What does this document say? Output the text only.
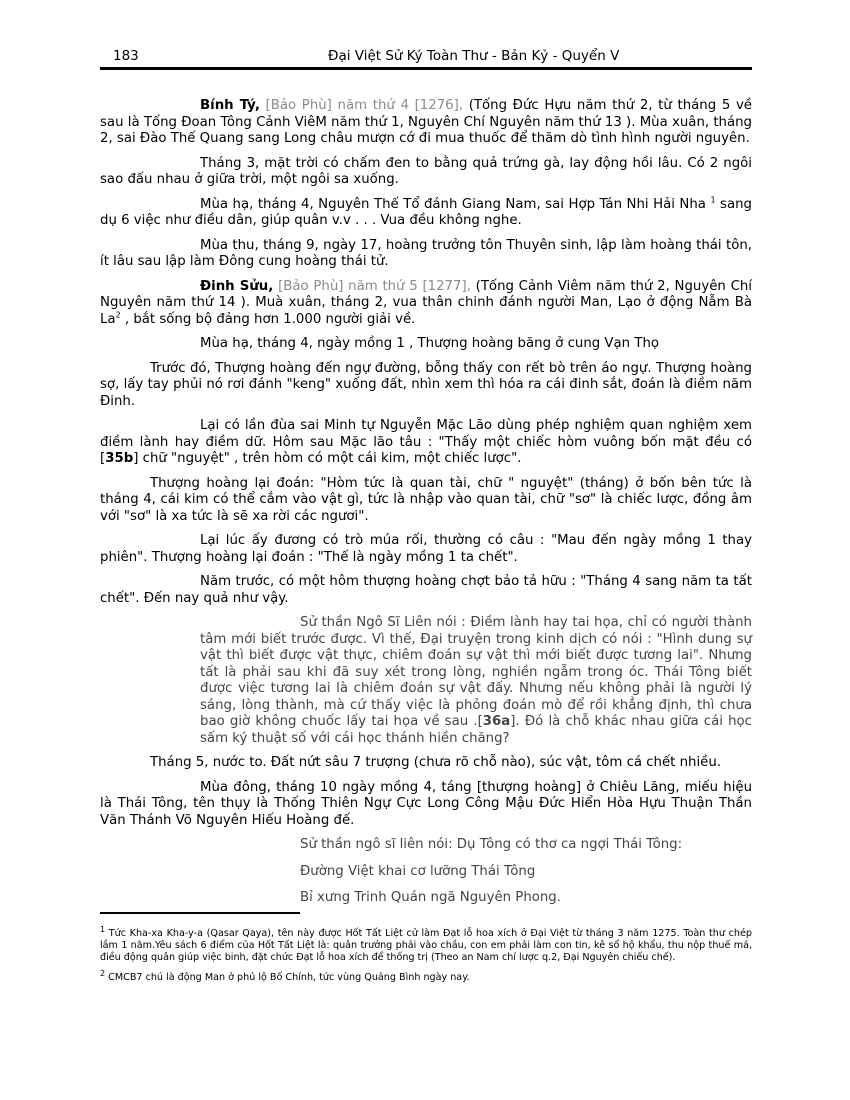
183	Đại Việt Sử Ký Toàn Thư - Bản Kỷ - Quyển V

Bính Tý, [Bảo Phù] năm thứ 4 [1276], (Tống Đức Hựu năm thứ 2, từ tháng 5 về sau là Tống Đoan Tông Cảnh ViêM năm thứ 1, Nguyên Chí Nguyên năm thứ 13 ). Mùa xuân, tháng 2, sai Đào Thế Quang sang Long châu mượn cớ đi mua thuốc để thăm dò tình hình người nguyên.

Tháng 3, mặt trời có chấm đen to bằng quả trứng gà, lay động hồi lâu. Có 2 ngôi sao đấu nhau ở giữa trời, một ngôi sa xuống.

Mùa hạ, tháng 4, Nguyên Thế Tổ đánh Giang Nam, sai Hợp Tán Nhi Hải Nha $^1$ sang dụ 6 việc như điều dân, giúp quân v.v . . . Vua đều không nghe.

Mùa thu, tháng 9, ngày 17, hoàng trưởng tôn Thuyên sinh, lập làm hoàng thái tôn, ít lâu sau lập làm Đông cung hoàng thái tử.

Đinh Sửu, [Bảo Phù] năm thứ 5 [1277], (Tống Cảnh Viêm năm thứ 2, Nguyên Chí Nguyên năm thứ 14 ). Muà xuân, tháng 2, vua thân chinh đánh người Man, Lạo ở động Nẫm Bà La$^2$ , bắt sống bộ đảng hơn 1.000 người giải về.

Mùa hạ, tháng 4, ngày mồng 1 , Thượng hoàng băng ở cung Vạn Thọ

Trước đó, Thượng hoàng đến ngự đường, bỗng thấy con rết bò trên áo ngự. Thượng hoàng sợ, lấy tay phủi nó rơi đánh "keng" xuống đất, nhìn xem thì hóa ra cái đinh sắt, đoán là điềm năm Đinh.

Lại có lần đùa sai Minh tự Nguyễn Mặc Lão dùng phép nghiệm quan nghiệm xem điềm lành hay điềm dữ. Hôm sau Mặc lão tâu : "Thấy một chiếc hòm vuông bốn mặt đều có [35b] chữ "nguyệt" , trên hòm có một cái kim, một chiếc lược".

Thượng hoàng lại đoán: "Hòm tức là quan tài, chữ " nguyệt" (tháng) ở bốn bên tức là tháng 4, cái kim có thể cắm vào vật gì, tức là nhập vào quan tài, chữ "sơ" là chiếc lược, đồng âm với "sơ" là xa tức là sẽ xa rời các ngươi".

Lại lúc ấy đương có trò múa rối, thường có câu : "Mau đến ngày mồng 1 thay phiên". Thượng hoàng lại đoán : "Thế là ngày mồng 1 ta chết".

Năm trước, có một hôm thượng hoàng chợt bảo tả hữu : "Tháng 4 sang năm ta tất chết". Đến nay quả như vậy.

Sử thần Ngô Sĩ Liên nói : Điềm lành hay tai họa, chỉ có người thành tâm mới biết trước được. Vì thế, Đại truyện trong kinh dịch có nói : "Hình dung sự vật thì biết được vật thực, chiêm đoán sự vật thì mới biết được tương lai". Nhưng tất là phải sau khi đã suy xét trong lòng, nghiền ngẫm trong óc. Thái Tông biết được việc tương lai là chiêm đoán sự vật đấy. Nhưng nếu không phải là người lý sáng, lòng thành, mà cứ thấy việc là phỏng đoán mò để rồi khẳng định, thì chưa bao giờ không chuốc lấy tai họa về sau .[36a]. Đó là chỗ khác nhau giữa cái học sấm ký thuật số với cái học thánh hiền chăng?

Tháng 5, nước to. Đất nứt sâu 7 trượng (chưa rõ chỗ nào), súc vật, tôm cá chết nhiều.

Mùa đông, tháng 10 ngày mồng 4, táng [thượng hoàng] ở Chiêu Lăng, miếu hiệu là Thái Tông, tên thụy là Thống Thiên Ngự Cực Long Công Mậu Đức Hiển Hòa Hựu Thuận Thần Văn Thánh Võ Nguyên Hiếu Hoàng đế.

Sử thần ngô sĩ liên nói: Dụ Tông có thơ ca ngợi Thái Tông:
Đường Việt khai cơ lưỡng Thái Tông
Bỉ xưng Trinh Quán ngã Nguyên Phong.

$^1$ Tức Kha-xa Kha-y-a (Qasar Qaya), tên này được Hốt Tất Liệt cử làm Đạt lỗ hoa xích ở Đại Việt từ tháng 3 năm 1275. Toàn thư chép lầm 1 năm.Yêu sách 6 điểm của Hốt Tất Liệt là: quân trưởng phải vào chầu, con em phải làm con tin, kê sổ hộ khẩu, thu nộp thuế má, điều động quân giúp việc binh, đặt chức Đạt lỗ hoa xích để thống trị (Theo an Nam chí lược q.2, Đại Nguyên chiếu chế).

$^2$ CMCB7 chú là động Man ở phủ lộ Bố Chính, tức vùng Quảng Bình ngày nay.
